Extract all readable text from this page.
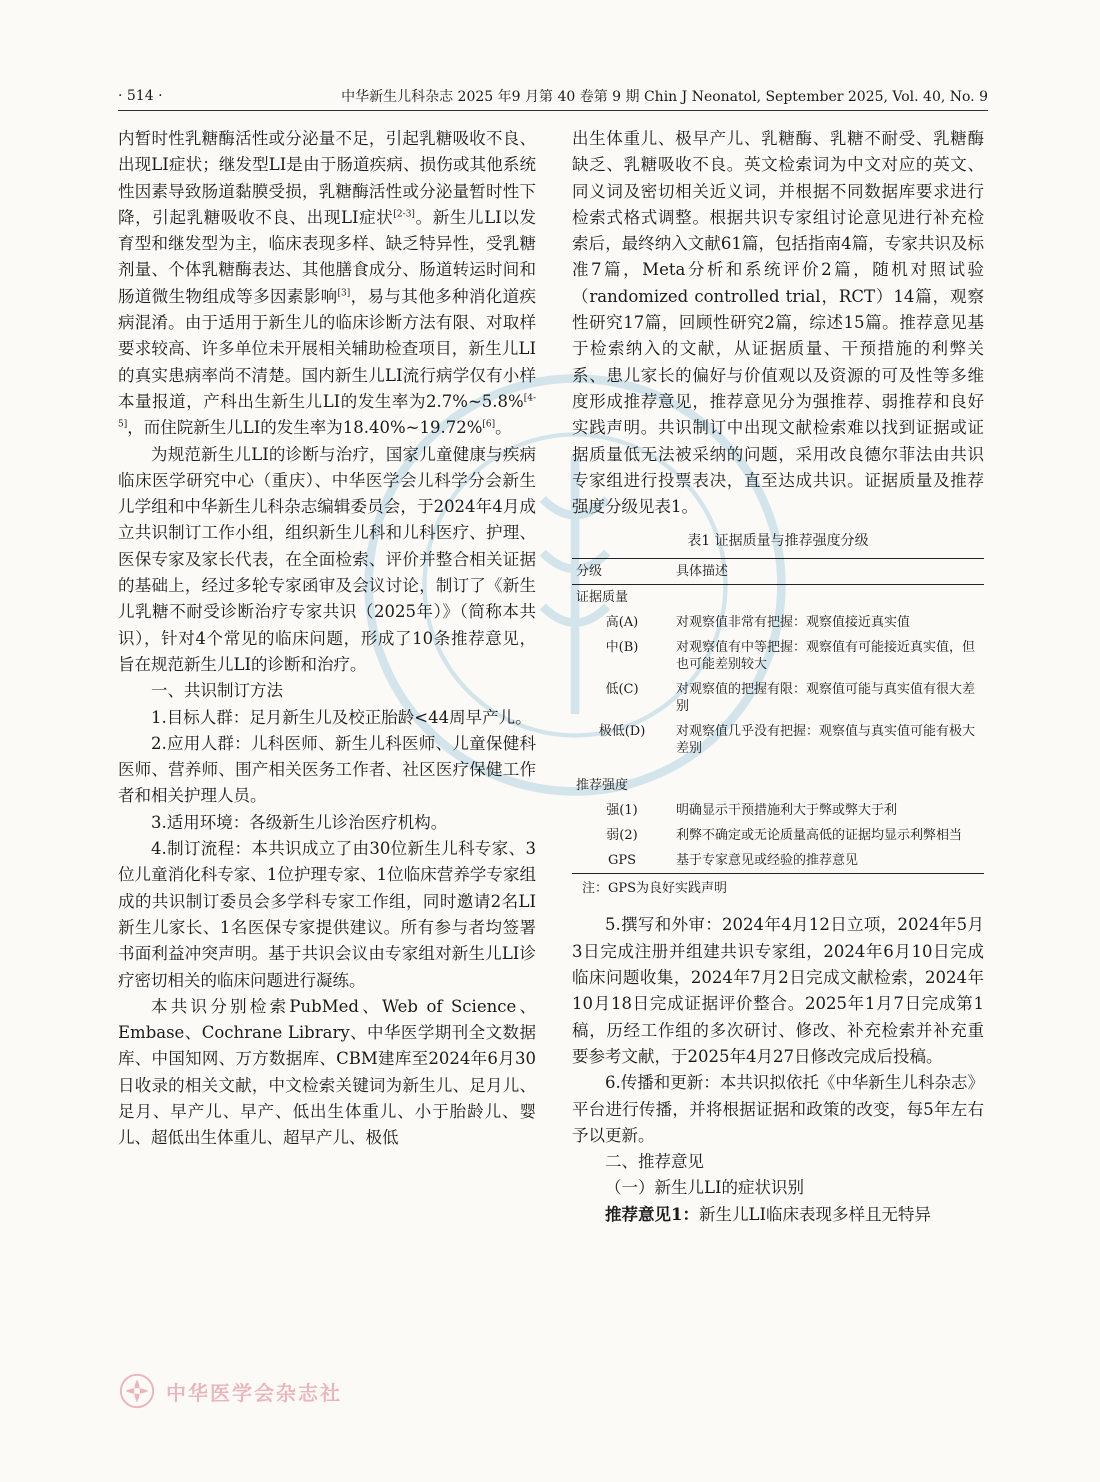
· 514 ·	中华新生儿科杂志 2025 年9 月第 40 卷第 9 期 Chin J Neonatol, September 2025, Vol. 40, No. 9

内暂时性乳糖酶活性或分泌量不足，引起乳糖吸收不良、出现LI症状；继发型LI是由于肠道疾病、损伤或其他系统性因素导致肠道黏膜受损，乳糖酶活性或分泌量暂时性下降，引起乳糖吸收不良、出现LI症状[2-3]。新生儿LI以发育型和继发型为主，临床表现多样、缺乏特异性，受乳糖剂量、个体乳糖酶表达、其他膳食成分、肠道转运时间和肠道微生物组成等多因素影响[3]，易与其他多种消化道疾病混淆。由于适用于新生儿的临床诊断方法有限、对取样要求较高、许多单位未开展相关辅助检查项目，新生儿LI的真实患病率尚不清楚。国内新生儿LI流行病学仅有小样本量报道，产科出生新生儿LI的发生率为2.7%~5.8%[4-5]，而住院新生儿LI的发生率为18.40%~19.72%[6]。

为规范新生儿LI的诊断与治疗，国家儿童健康与疾病临床医学研究中心（重庆）、中华医学会儿科学分会新生儿学组和中华新生儿科杂志编辑委员会，于2024年4月成立共识制订工作小组，组织新生儿科和儿科医疗、护理、医保专家及家长代表，在全面检索、评价并整合相关证据的基础上，经过多轮专家函审及会议讨论，制订了《新生儿乳糖不耐受诊断治疗专家共识（2025年）》（简称本共识），针对4个常见的临床问题，形成了10条推荐意见，旨在规范新生儿LI的诊断和治疗。

一、共识制订方法

1.目标人群：足月新生儿及校正胎龄<44周早产儿。

2.应用人群：儿科医师、新生儿科医师、儿童保健科医师、营养师、围产相关医务工作者、社区医疗保健工作者和相关护理人员。

3.适用环境：各级新生儿诊治医疗机构。

4.制订流程：本共识成立了由30位新生儿科专家、3位儿童消化科专家、1位护理专家、1位临床营养学专家组成的共识制订委员会多学科专家工作组，同时邀请2名LI新生儿家长、1名医保专家提供建议。所有参与者均签署书面利益冲突声明。基于共识会议由专家组对新生儿LI诊疗密切相关的临床问题进行凝练。

本共识分别检索PubMed、Web of Science、Embase、Cochrane Library、中华医学期刊全文数据库、中国知网、万方数据库、CBM建库至2024年6月30日收录的相关文献，中文检索关键词为新生儿、足月儿、足月、早产儿、早产、低出生体重儿、小于胎龄儿、婴儿、超低出生体重儿、超早产儿、极低

出生体重儿、极早产儿、乳糖酶、乳糖不耐受、乳糖酶缺乏、乳糖吸收不良。英文检索词为中文对应的英文、同义词及密切相关近义词，并根据不同数据库要求进行检索式格式调整。根据共识专家组讨论意见进行补充检索后，最终纳入文献61篇，包括指南4篇，专家共识及标准7篇，Meta分析和系统评价2篇，随机对照试验（randomized controlled trial，RCT）14篇，观察性研究17篇，回顾性研究2篇，综述15篇。推荐意见基于检索纳入的文献，从证据质量、干预措施的利弊关系、患儿家长的偏好与价值观以及资源的可及性等多维度形成推荐意见，推荐意见分为强推荐、弱推荐和良好实践声明。共识制订中出现文献检索难以找到证据或证据质量低无法被采纳的问题，采用改良德尔菲法由共识专家组进行投票表决，直至达成共识。证据质量及推荐强度分级见表1。

表1 证据质量与推荐强度分级
分级	具体描述
证据质量	
高(A)	对观察值非常有把握：观察值接近真实值
中(B)	对观察值有中等把握：观察值有可能接近真实值，但也可能差别较大
低(C)	对观察值的把握有限：观察值可能与真实值有很大差别
极低(D)	对观察值几乎没有把握：观察值与真实值可能有极大差别

推荐强度	
强(1)	明确显示干预措施利大于弊或弊大于利
弱(2)	利弊不确定或无论质量高低的证据均显示利弊相当
GPS	基于专家意见或经验的推荐意见
注：GPS为良好实践声明

5.撰写和外审：2024年4月12日立项，2024年5月3日完成注册并组建共识专家组，2024年6月10日完成临床问题收集，2024年7月2日完成文献检索，2024年10月18日完成证据评价整合。2025年1月7日完成第1稿，历经工作组的多次研讨、修改、补充检索并补充重要参考文献，于2025年4月27日修改完成后投稿。

6.传播和更新：本共识拟依托《中华新生儿科杂志》平台进行传播，并将根据证据和政策的改变，每5年左右予以更新。

二、推荐意见

（一）新生儿LI的症状识别

推荐意见1：新生儿LI临床表现多样且无特异

中华医学会杂志社
